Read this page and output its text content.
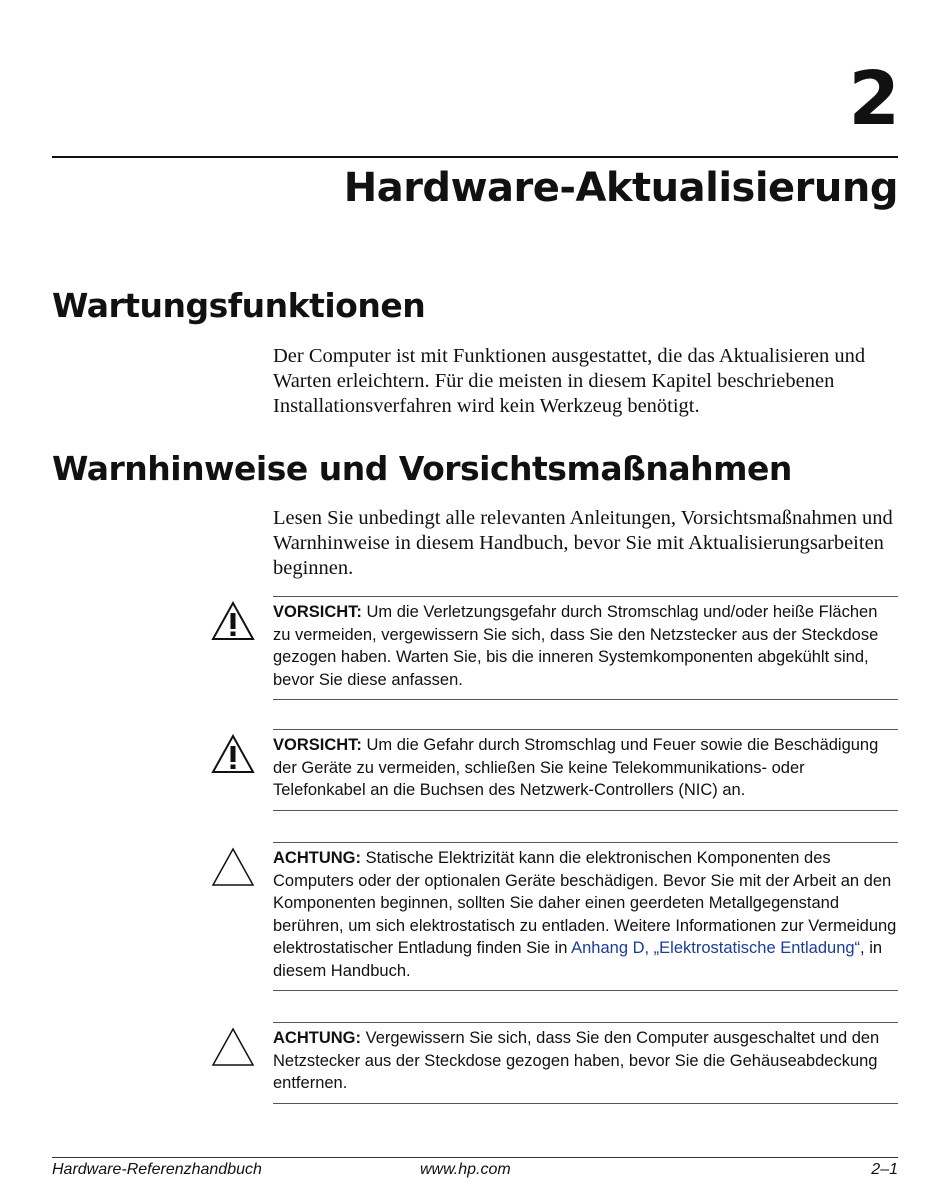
2
Hardware-Aktualisierung
Wartungsfunktionen

Der Computer ist mit Funktionen ausgestattet, die das Aktualisieren und Warten erleichtern. Für die meisten in diesem Kapitel beschriebenen Installationsverfahren wird kein Werkzeug benötigt.

Warnhinweise und Vorsichtsmaßnahmen

Lesen Sie unbedingt alle relevanten Anleitungen, Vorsichtsmaßnahmen und Warnhinweise in diesem Handbuch, bevor Sie mit Aktualisierungsarbeiten beginnen.

VORSICHT: Um die Verletzungsgefahr durch Stromschlag und/oder heiße Flächen zu vermeiden, vergewissern Sie sich, dass Sie den Netzstecker aus der Steckdose gezogen haben. Warten Sie, bis die inneren Systemkomponenten abgekühlt sind, bevor Sie diese anfassen.
VORSICHT: Um die Gefahr durch Stromschlag und Feuer sowie die Beschädigung der Geräte zu vermeiden, schließen Sie keine Telekommunikations- oder Telefonkabel an die Buchsen des Netzwerk-Controllers (NIC) an.
ACHTUNG: Statische Elektrizität kann die elektronischen Komponenten des Computers oder der optionalen Geräte beschädigen. Bevor Sie mit der Arbeit an den Komponenten beginnen, sollten Sie daher einen geerdeten Metallgegenstand berühren, um sich elektrostatisch zu entladen. Weitere Informationen zur Vermeidung elektrostatischer Entladung finden Sie in Anhang D, „Elektrostatische Entladung“, in diesem Handbuch.
ACHTUNG: Vergewissern Sie sich, dass Sie den Computer ausgeschaltet und den Netzstecker aus der Steckdose gezogen haben, bevor Sie die Gehäuseabdeckung entfernen.
Hardware-Referenzhandbuch	www.hp.com	2–1
